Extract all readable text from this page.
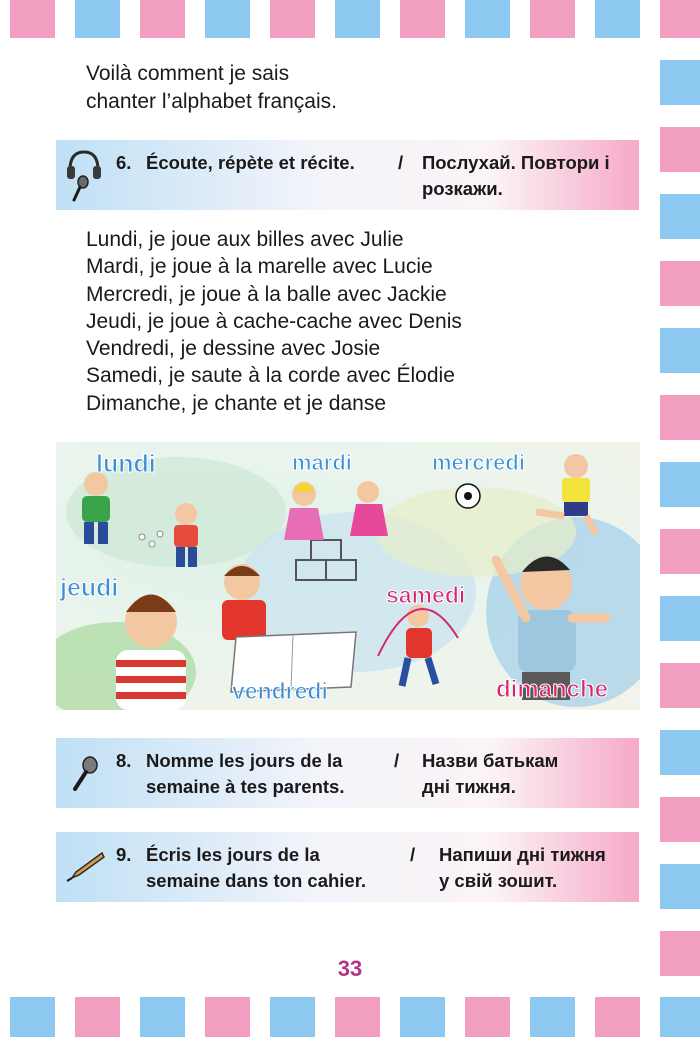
Voilà comment je sais

chanter l’alphabet français.

6. Écoute, répète et récite. / Послухай. Повтори і

розкажи.

Lundi, je joue aux billes avec Julie

Mardi, je joue à la marelle avec Lucie

Mercredi, je joue à la balle avec Jackie

Jeudi, je joue à cache-cache avec Denis

Vendredi, je dessine avec Josie

Samedi, je saute à la corde avec Élodie

Dimanche, je chante et je danse

lundi	mardi	mercredi
jeudi	samedi
vendredi	dimanche
8. Nomme les jours de la

semaine à tes parents.

/ Назви батькам

дні тижня.

9. Écris les jours de la

semaine dans ton cahier.

/ Напиши дні тижня

у свій зошит.

33
